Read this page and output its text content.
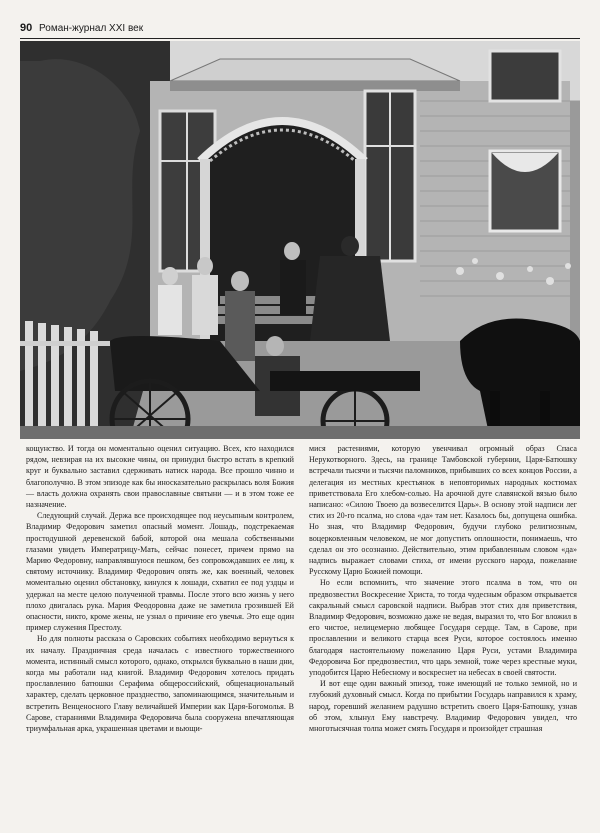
90 Роман-журнал XXI век

кощунство. И тогда он моментально оценил ситуацию. Всех, кто находился рядом, невзирая на их высокие чины, он принудил быстро встать в крепкий круг и буквально заставил сдерживать натиск народа. Все прошло чинно и благополучно. В этом эпизоде как бы иносказательно раскрылась воля Божия — власть должна охранять свои православные святыни — и в этом тоже ее назначение.

Следующий случай. Держа все происходящее под неусыпным контролем, Владимир Федорович заметил опасный момент. Лошадь, подстрекаемая простодушной деревенской бабой, которой она мешала собственными глазами увидеть Императрицу-Мать, сейчас понесет, причем прямо на Марию Федоровну, направлявшуюся пешком, без сопровождавших ее лиц, к святому источнику. Владимир Федорович опять же, как военный, человек моментально оценил обстановку, кинулся к лошади, схватил ее под уздцы и удержал на месте целою полученной травмы. После этого всю жизнь у него плохо двигалась рука. Мария Феодоровна даже не заметила грозившей Ей опасности, никто, кроме жены, не узнал о причине его увечья. Это еще один пример служения Престолу.

Но для полноты рассказа о Саровских событиях необходимо вернуться к их началу. Праздничная среда началась с известного торжественного момента, истинный смысл которого, однако, открылся буквально в наши дни, когда мы работали над книгой. Владимир Федорович хотелось придать прославлению батюшки Серафима общероссийский, общенациональный характер, сделать церковное празднество, запоминающимся, значительным и встретить Венценосного Главу величайшей Империи как Царя-Богомолья. В Сарове, стараниями Владимира Федоровича была сооружена впечатляющая триумфальная арка, украшенная цветами и вьющи-

мися растениями, которую увенчивал огромный образ Спаса Нерукотворного. Здесь, на границе Тамбовской губернии, Царя-Батюшку встречали тысячи и тысячи паломников, прибывших со всех концов России, а делегация из местных крестьянок в неповторимых народных костюмах приветствовала Его хлебом-солью. На арочной дуге славянской вязью было написано: «Силою Твоею да возвеселится Царь». В основу этой надписи лег стих из 20-го псалма, но слова «да» там нет. Казалось бы, допущена ошибка. Но зная, что Владимир Федорович, будучи глубоко религиозным, воцерковленным человеком, не мог допустить оплошности, понимаешь, что сделал он это осознанно. Действительно, этим прибавленным словом «да» надпись выражает словами стиха, от имени русского народа, пожелание Русскому Царю Божией помощи.

Но если вспомнить, что значение этого псалма в том, что он предвозвестил Воскресение Христа, то тогда чудесным образом открывается сакральный смысл саровской надписи. Выбрав этот стих для приветствия, Владимир Федорович, возможно даже не ведая, выразил то, что Бог вложил в его чистое, нелицемерно любящее Государя сердце. Там, в Сарове, при прославлении и великого старца всея Руси, которое состоялось именно благодаря настоятельному пожеланию Царя Руси, устами Владимира Федоровича Бог предвозвестил, что царь земной, тоже через крестные муки, уподобится Царю Небесному и воскреснет на небесах в своей святости.

И вот еще один важный эпизод, тоже имеющий не только земной, но и глубокий духовный смысл. Когда по прибытии Государь направился к храму, народ, горевший желанием радушно встретить своего Царя-Батюшку, узнав об этом, хлынул Ему навстречу. Владимир Федорович увидел, что многотысячная толпа может смять Государя и произойдет страшная
